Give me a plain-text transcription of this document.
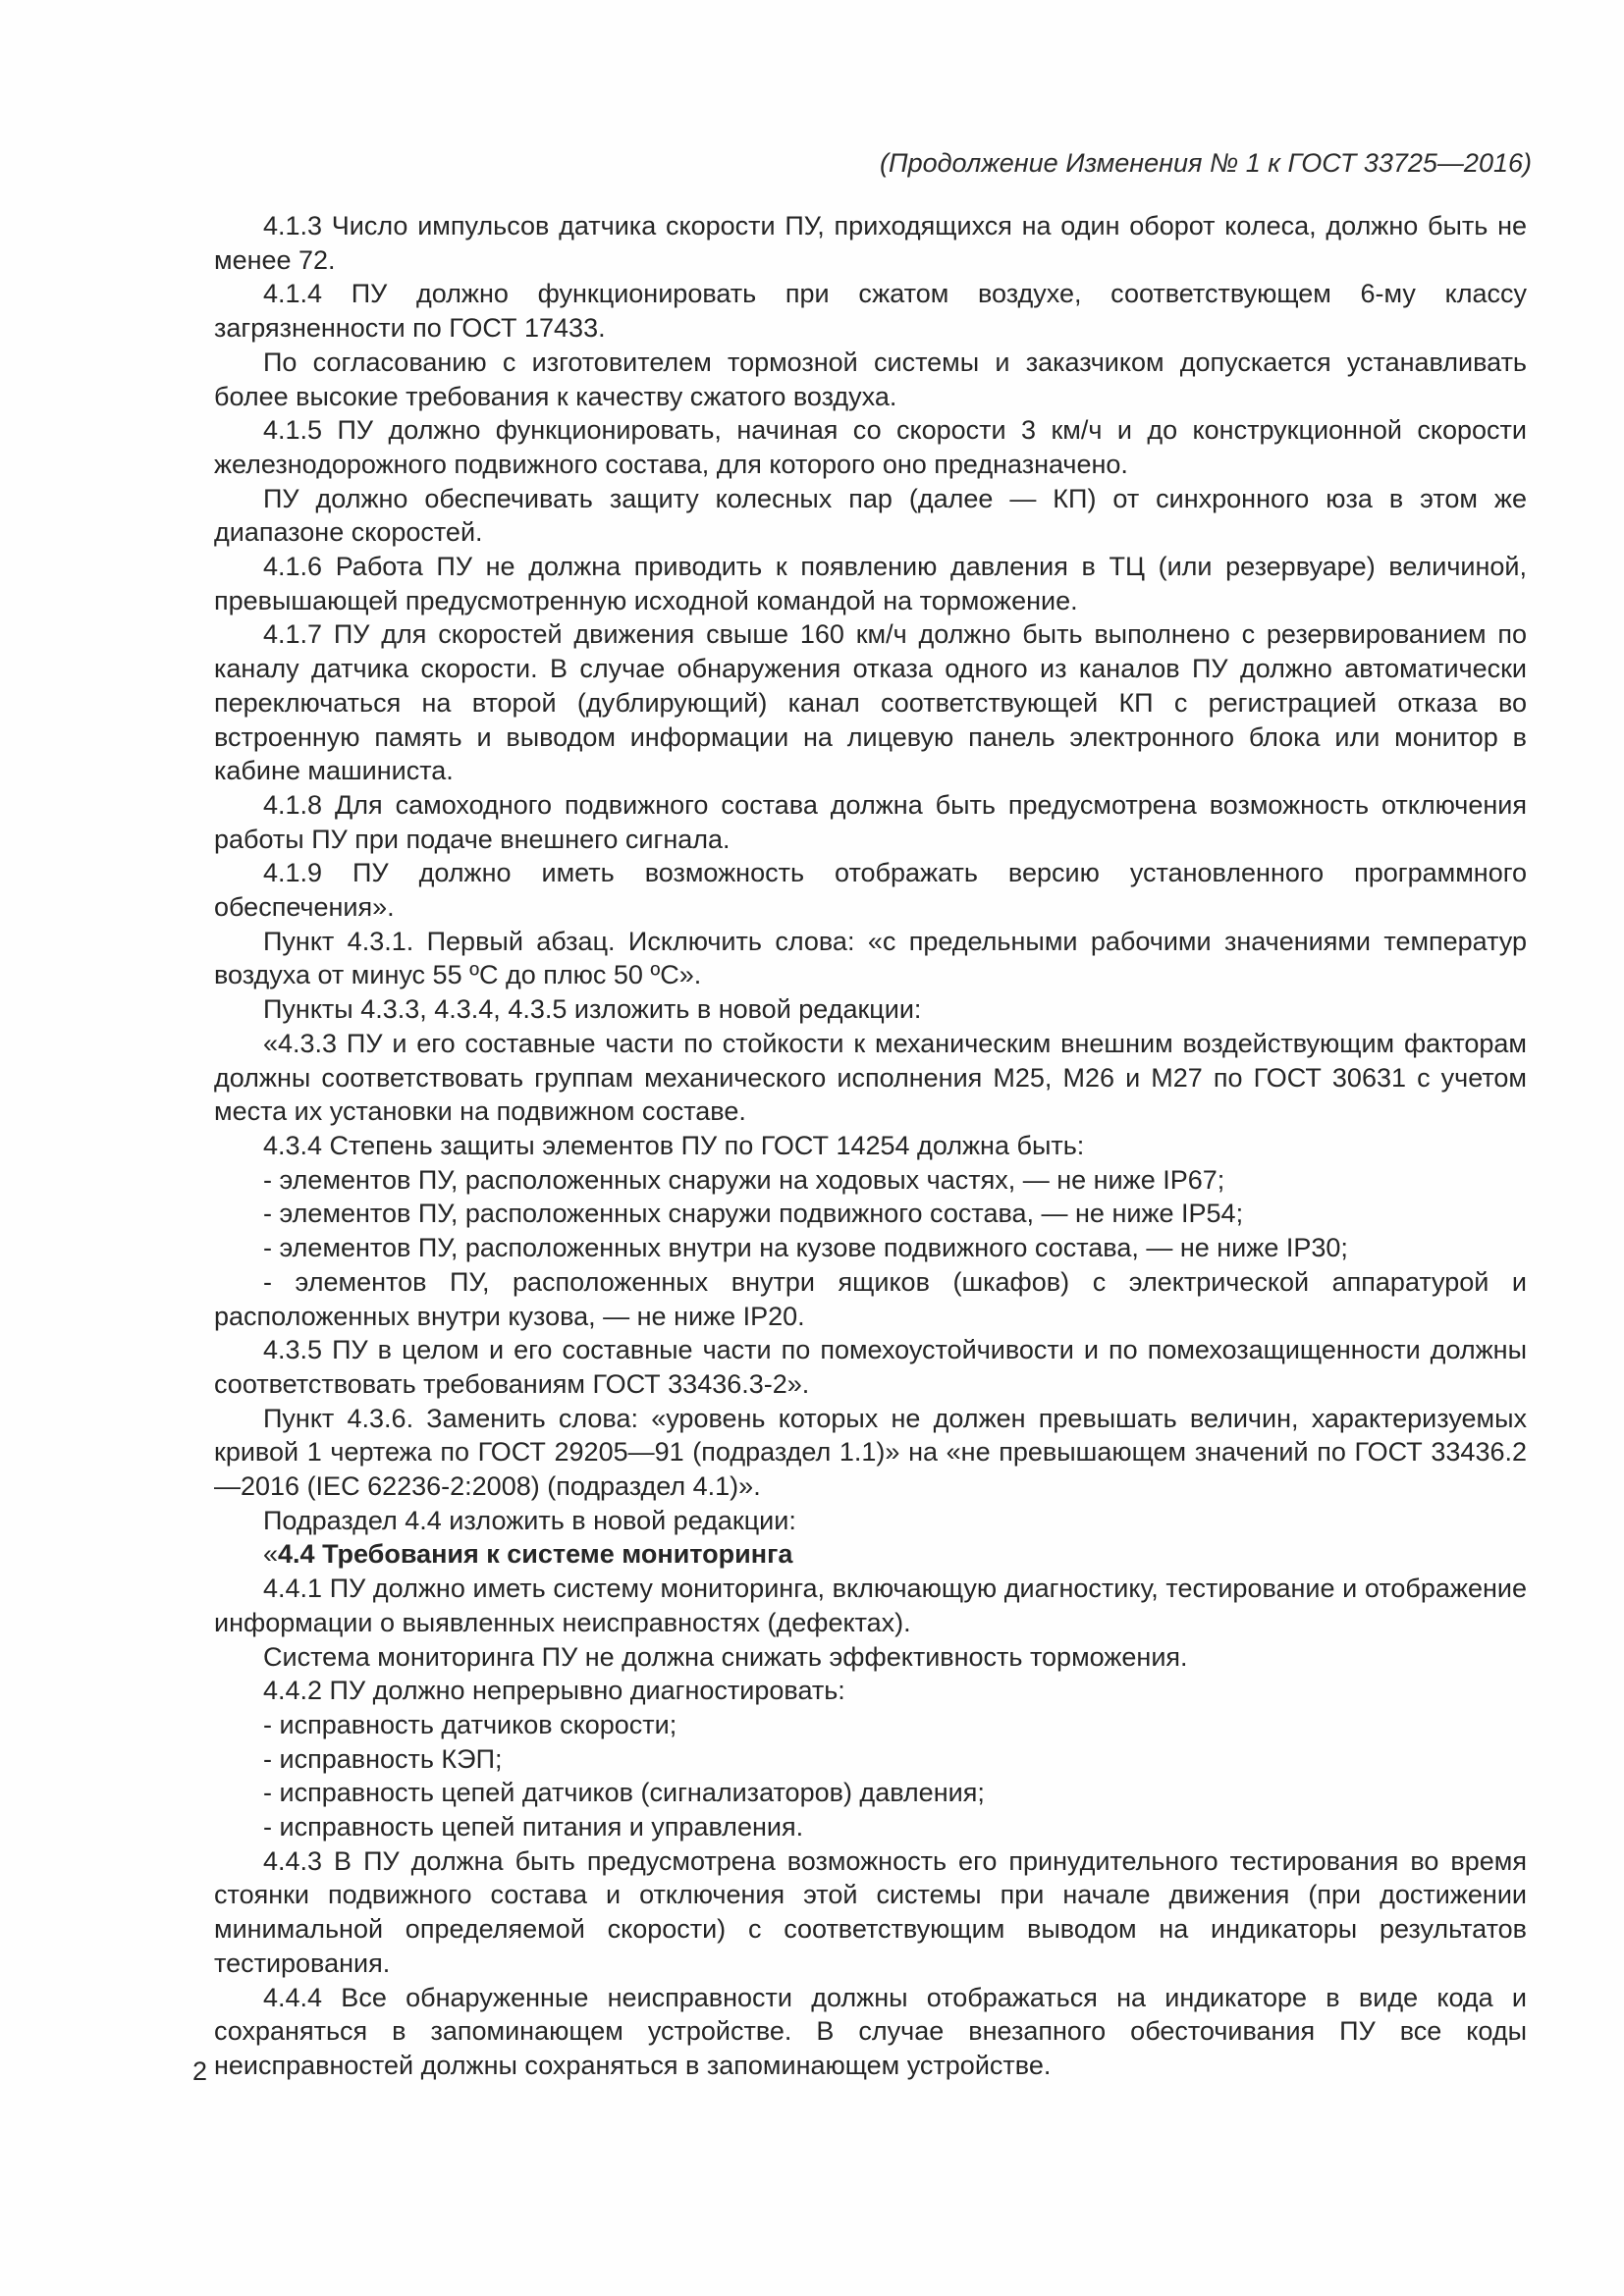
(Продолжение Изменения № 1 к ГОСТ 33725—2016)

4.1.3 Число импульсов датчика скорости ПУ, приходящихся на один оборот колеса, должно быть не менее 72.

4.1.4 ПУ должно функционировать при сжатом воздухе, соответствующем 6-му классу загрязненности по ГОСТ 17433.

По согласованию с изготовителем тормозной системы и заказчиком допускается устанавливать более высокие требования к качеству сжатого воздуха.

4.1.5 ПУ должно функционировать, начиная со скорости 3 км/ч и до конструкционной скорости железнодорожного подвижного состава, для которого оно предназначено.

ПУ должно обеспечивать защиту колесных пар (далее — КП) от синхронного юза в этом же диапазоне скоростей.

4.1.6 Работа ПУ не должна приводить к появлению давления в ТЦ (или резервуаре) величиной, превышающей предусмотренную исходной командой на торможение.

4.1.7 ПУ для скоростей движения свыше 160 км/ч должно быть выполнено с резервированием по каналу датчика скорости. В случае обнаружения отказа одного из каналов ПУ должно автоматически переключаться на второй (дублирующий) канал соответствующей КП с регистрацией отказа во встроенную память и выводом информации на лицевую панель электронного блока или монитор в кабине машиниста.

4.1.8 Для самоходного подвижного состава должна быть предусмотрена возможность отключения работы ПУ при подаче внешнего сигнала.

4.1.9 ПУ должно иметь возможность отображать версию установленного программного обеспечения».

Пункт 4.3.1. Первый абзац. Исключить слова: «с предельными рабочими значениями температур воздуха от минус 55 ºС до плюс 50 ºС».

Пункты 4.3.3, 4.3.4, 4.3.5 изложить в новой редакции:

«4.3.3 ПУ и его составные части по стойкости к механическим внешним воздействующим факторам должны соответствовать группам механического исполнения М25, М26 и М27 по ГОСТ 30631 с учетом места их установки на подвижном составе.

4.3.4 Степень защиты элементов ПУ по ГОСТ 14254 должна быть:

- элементов ПУ, расположенных снаружи на ходовых частях, — не ниже IP67;

- элементов ПУ, расположенных снаружи подвижного состава, — не ниже IP54;

- элементов ПУ, расположенных внутри на кузове подвижного состава, — не ниже IP30;

- элементов ПУ, расположенных внутри ящиков (шкафов) с электрической аппаратурой и расположенных внутри кузова, — не ниже IP20.

4.3.5 ПУ в целом и его составные части по помехоустойчивости и по помехозащищенности должны соответствовать требованиям ГОСТ 33436.3-2».

Пункт 4.3.6. Заменить слова: «уровень которых не должен превышать величин, характеризуемых кривой 1 чертежа по ГОСТ 29205—91 (подраздел 1.1)» на «не превышающем значений по ГОСТ 33436.2—2016 (IEC 62236-2:2008) (подраздел 4.1)».

Подраздел 4.4 изложить в новой редакции:

«4.4 Требования к системе мониторинга

4.4.1 ПУ должно иметь систему мониторинга, включающую диагностику, тестирование и отображение информации о выявленных неисправностях (дефектах).

Система мониторинга ПУ не должна снижать эффективность торможения.

4.4.2 ПУ должно непрерывно диагностировать:

- исправность датчиков скорости;

- исправность КЭП;

- исправность цепей датчиков (сигнализаторов) давления;

- исправность цепей питания и управления.

4.4.3 В ПУ должна быть предусмотрена возможность его принудительного тестирования во время стоянки подвижного состава и отключения этой системы при начале движения (при достижении минимальной определяемой скорости) с соответствующим выводом на индикаторы результатов тестирования.

4.4.4 Все обнаруженные неисправности должны отображаться на индикаторе в виде кода и сохраняться в запоминающем устройстве. В случае внезапного обесточивания ПУ все коды неисправностей должны сохраняться в запоминающем устройстве.

2
